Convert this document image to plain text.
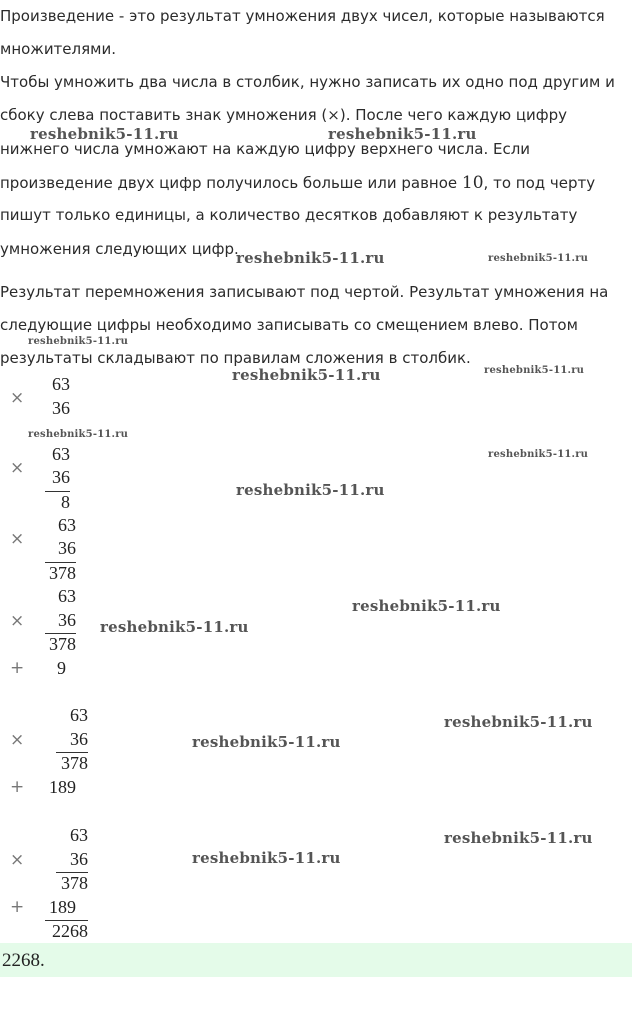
Произведение - это результат умножения двух чисел, которые называются
множителями.
Чтобы умножить два числа в столбик, нужно записать их одно под другим и
сбоку слева поставить знак умножения (×). После чего каждую цифру
нижнего числа умножают на каждую цифру верхнего числа. Если
произведение двух цифр получилось больше или равное 10, то под черту
пишут только единицы, а количество десятков добавляют к результату
умножения следующих цифр.
Результат перемножения записывают под чертой. Результат умножения на
следующие цифры необходимо записывать со смещением влево. Потом
результаты складывают по правилам сложения в столбик.
63
×	36
63
×	36
8
63
×	36
378
63
×	36
378
+	9
63
×	36
378
+	189
63
×	36
378
+	189
2268
2268.
reshebnik5-11.ru	reshebnik5-11.ru
reshebnik5-11.ru	reshebnik5-11.ru
reshebnik5-11.ru
reshebnik5-11.ru	reshebnik5-11.ru
reshebnik5-11.ru
reshebnik5-11.ru
reshebnik5-11.ru
reshebnik5-11.ru
reshebnik5-11.ru
reshebnik5-11.ru
reshebnik5-11.ru
reshebnik5-11.ru
reshebnik5-11.ru
